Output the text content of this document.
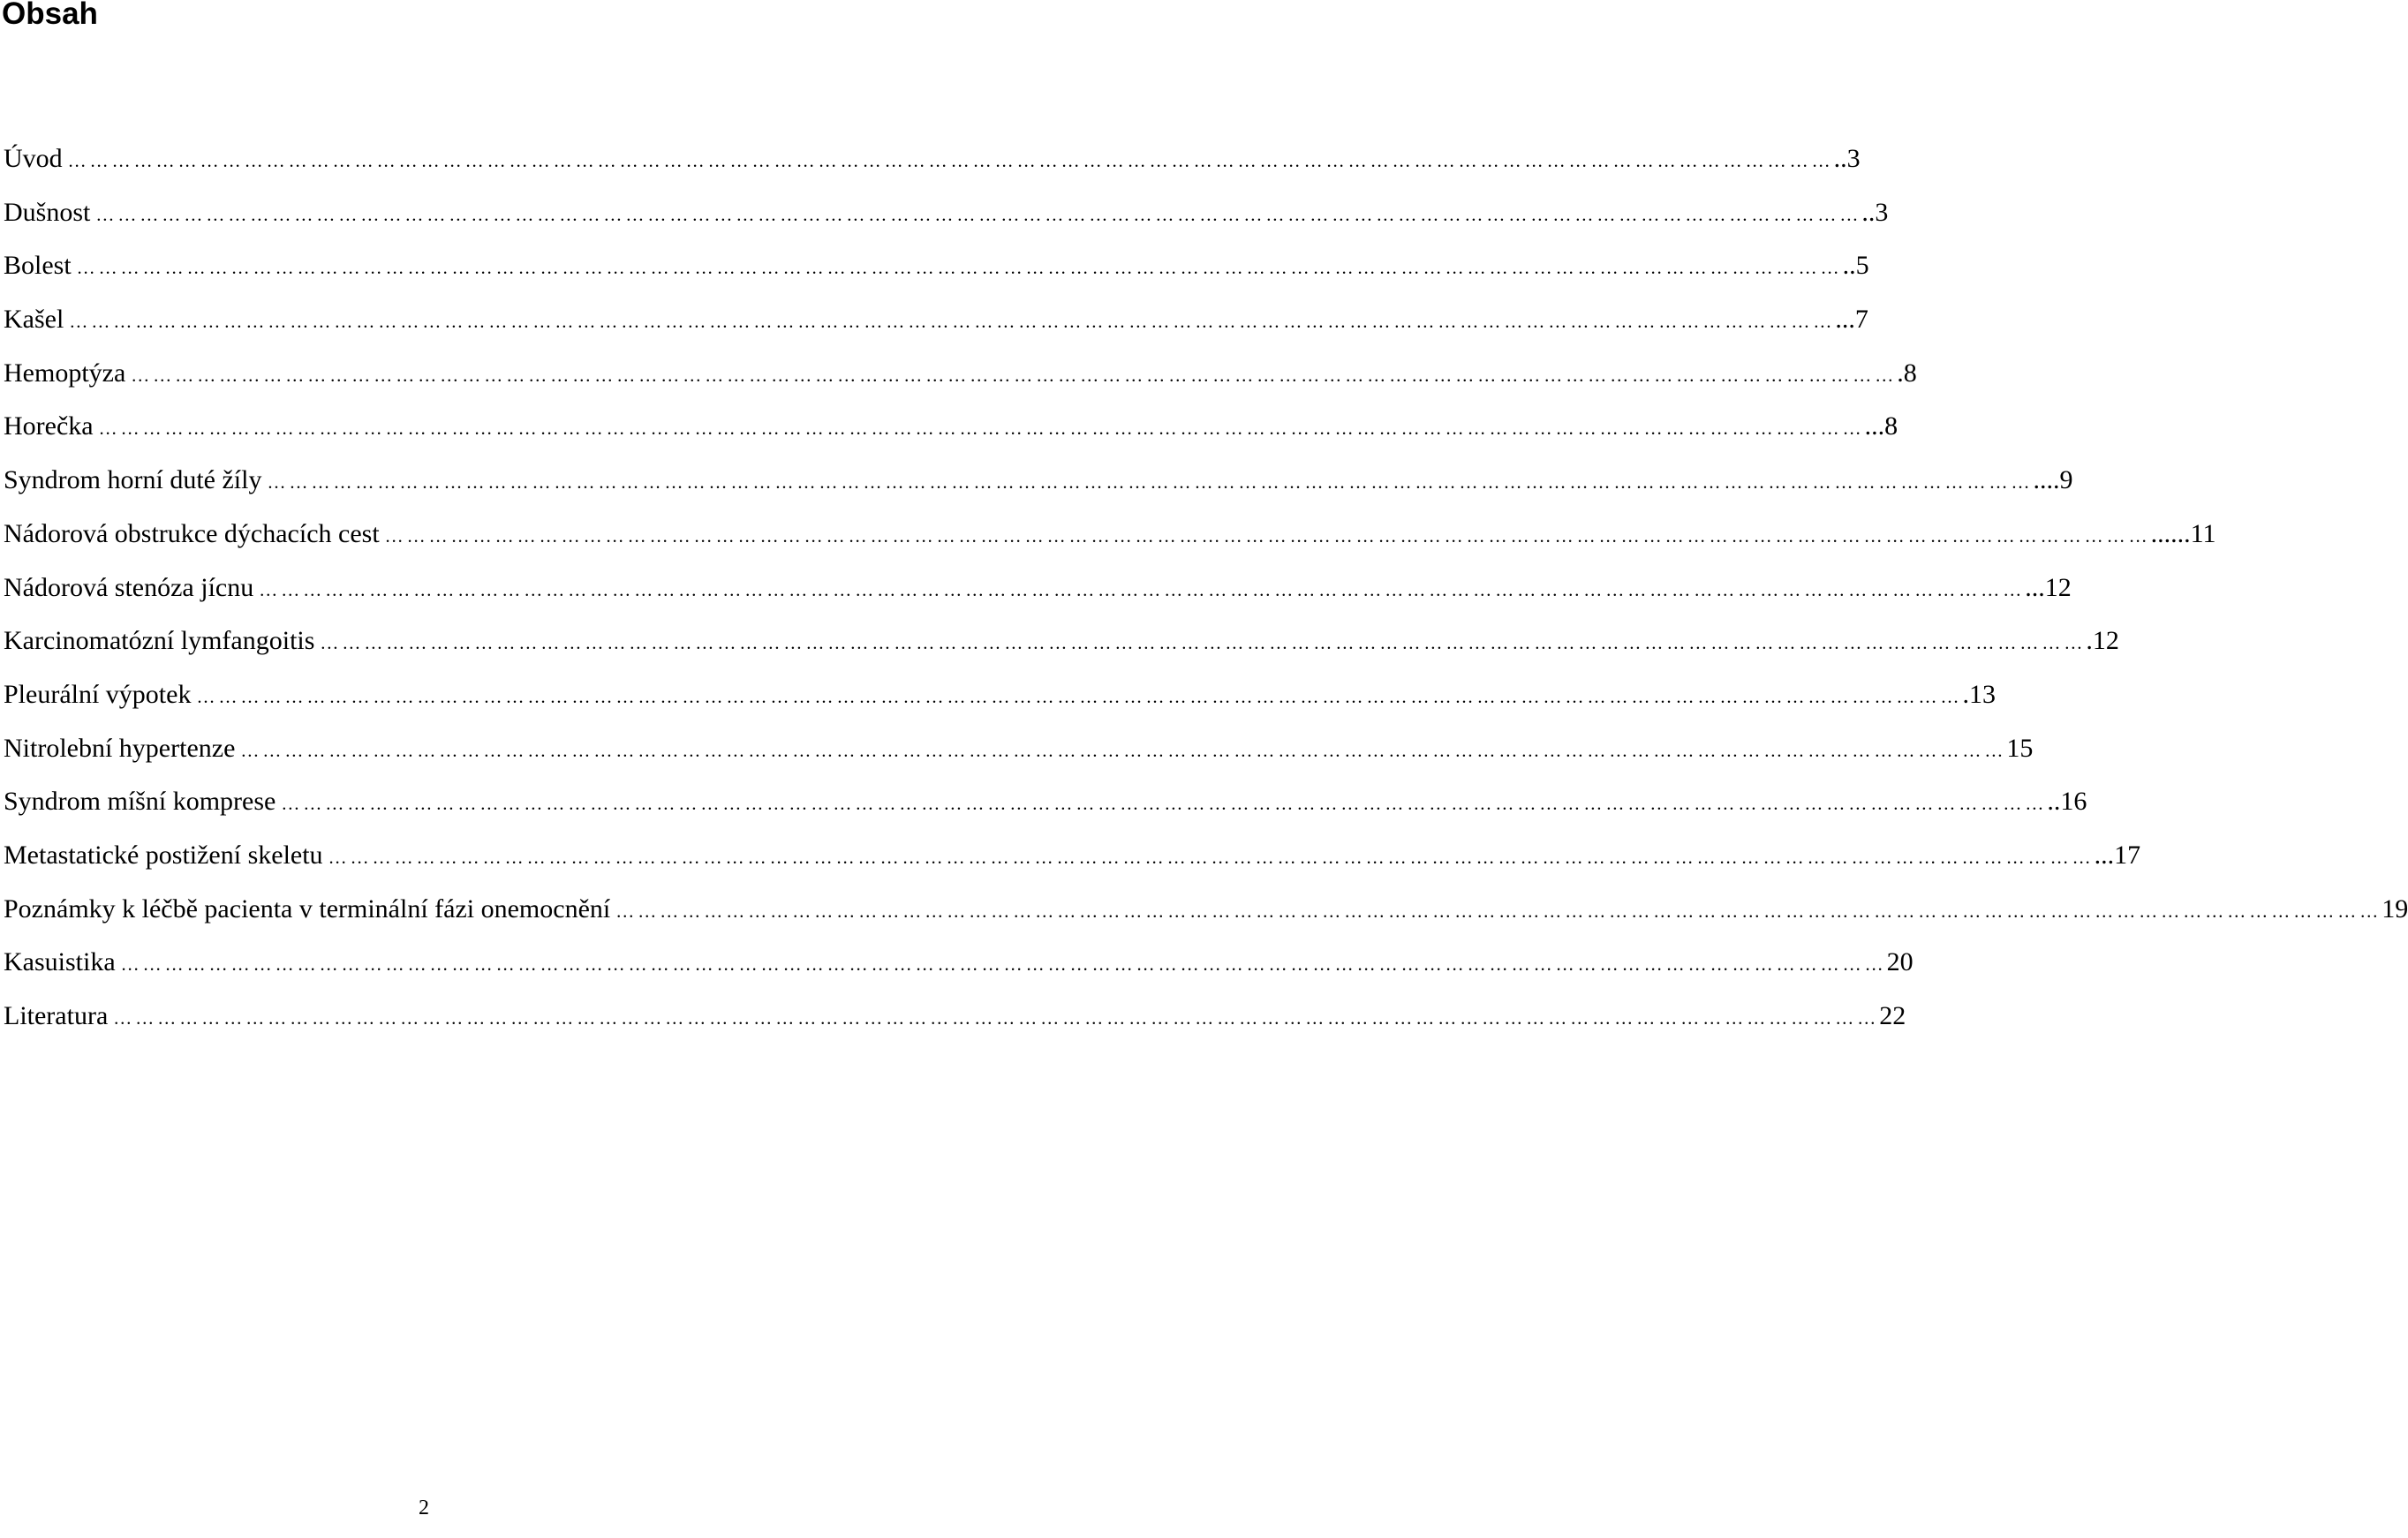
Obsah
Úvod …………………………………………………………………………………………………………………………………………………………………………………………………………………… ..3
Dušnost …………………………………………………………………………………………………………………………………………………………………………………………………………………… ..3
Bolest …………………………………………………………………………………………………………………………………………………………………………………………………………………… ..5
Kašel …………………………………………………………………………………………………………………………………………………………………………………………………………………… ...7
Hemoptýza …………………………………………………………………………………………………………………………………………………………………………………………………………………… .8
Horečka …………………………………………………………………………………………………………………………………………………………………………………………………………………… ...8
Syndrom horní duté žíly …………………………………………………………………………………………………………………………………………………………………………………………………………………… ....9
Nádorová obstrukce dýchacích cest …………………………………………………………………………………………………………………………………………………………………………………………………………………… ......11
Nádorová stenóza jícnu …………………………………………………………………………………………………………………………………………………………………………………………………………………… ...12
Karcinomatózní lymfangoitis …………………………………………………………………………………………………………………………………………………………………………………………………………………… .12
Pleurální výpotek …………………………………………………………………………………………………………………………………………………………………………………………………………………… .13
Nitrolební hypertenze …………………………………………………………………………………………………………………………………………………………………………………………………………………… 15
Syndrom míšní komprese …………………………………………………………………………………………………………………………………………………………………………………………………………………… ..16
Metastatické postižení skeletu …………………………………………………………………………………………………………………………………………………………………………………………………………………… ...17
Poznámky k léčbě pacienta v terminální fázi onemocnění …………………………………………………………………………………………………………………………………………………………………………………………………………………… 19
Kasuistika …………………………………………………………………………………………………………………………………………………………………………………………………………………… 20
Literatura …………………………………………………………………………………………………………………………………………………………………………………………………………………… 22
2
